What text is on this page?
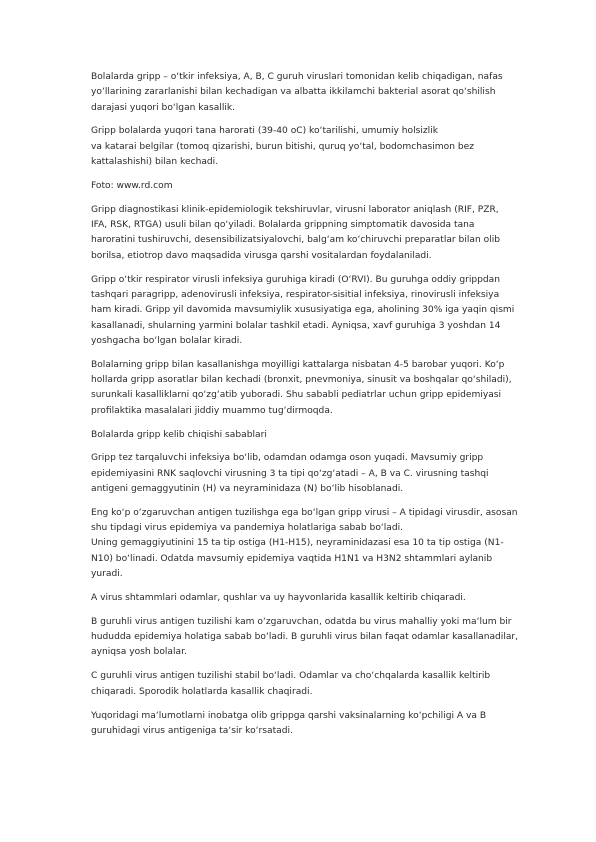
Bolalarda gripp – o‘tkir infeksiya, A, B, C guruh viruslari tomonidan kelib chiqadigan, nafas
yo‘llarining zararlanishi bilan kechadigan va albatta ikkilamchi bakterial asorat qo‘shilish
darajasi yuqori bo‘lgan kasallik.
Gripp bolalarda yuqori tana harorati (39-40 oC) ko‘tarilishi, umumiy holsizlik
va katarai belgilar (tomoq qizarishi, burun bitishi, quruq yo‘tal, bodomchasimon bez
kattalashishi) bilan kechadi.
Foto: www.rd.com
Gripp diagnostikasi klinik-epidemiologik tekshiruvlar, virusni laborator aniqlash (RIF, PZR,
IFA, RSK, RTGA) usuli bilan qo‘yiladi. Bolalarda grippning simptomatik davosida tana
haroratini tushiruvchi, desensibilizatsiyalovchi, balg‘am ko‘chiruvchi preparatlar bilan olib
borilsa, etiotrop davo maqsadida virusga qarshi vositalardan foydalaniladi.
Gripp o‘tkir respirator virusli infeksiya guruhiga kiradi (O‘RVI). Bu guruhga oddiy grippdan
tashqari paragripp, adenovirusli infeksiya, respirator-sisitial infeksiya, rinovirusli infeksiya
ham kiradi. Gripp yil davomida mavsumiylik xususiyatiga ega, aholining 30% iga yaqin qismi
kasallanadi, shularning yarmini bolalar tashkil etadi. Ayniqsa, xavf guruhiga 3 yoshdan 14
yoshgacha bo‘lgan bolalar kiradi.
Bolalarning gripp bilan kasallanishga moyilligi kattalarga nisbatan 4-5 barobar yuqori. Ko‘p
hollarda gripp asoratlar bilan kechadi (bronxit, pnevmoniya, sinusit va boshqalar qo‘shiladi),
surunkali kasalliklarni qo‘zg‘atib yuboradi. Shu sababli pediatrlar uchun gripp epidemiyasi
profilaktika masalalari jiddiy muammo tug‘dirmoqda.
Bolalarda gripp kelib chiqishi sabablari
Gripp tez tarqaluvchi infeksiya bo‘lib, odamdan odamga oson yuqadi. Mavsumiy gripp
epidemiyasini RNK saqlovchi virusning 3 ta tipi qo‘zg‘atadi – A, B va C. virusning tashqi
antigeni gemaggyutinin (H) va neyraminidaza (N) bo‘lib hisoblanadi.
Eng ko‘p o‘zgaruvchan antigen tuzilishga ega bo‘lgan gripp virusi – A tipidagi virusdir, asosan
shu tipdagi virus epidemiya va pandemiya holatlariga sabab bo‘ladi.
Uning gemaggiyutinini 15 ta tip ostiga (H1-H15), neyraminidazasi esa 10 ta tip ostiga (N1-
N10) bo‘linadi. Odatda mavsumiy epidemiya vaqtida H1N1 va H3N2 shtammlari aylanib
yuradi.
A virus shtammlari odamlar, qushlar va uy hayvonlarida kasallik keltirib chiqaradi.
B guruhli virus antigen tuzilishi kam o‘zgaruvchan, odatda bu virus mahalliy yoki ma‘lum bir
hududda epidemiya holatiga sabab bo‘ladi. B guruhli virus bilan faqat odamlar kasallanadilar,
ayniqsa yosh bolalar.
C guruhli virus antigen tuzilishi stabil bo‘ladi. Odamlar va cho‘chqalarda kasallik keltirib
chiqaradi. Sporodik holatlarda kasallik chaqiradi.
Yuqoridagi ma‘lumotlarni inobatga olib grippga qarshi vaksinalarning ko‘pchiligi A va B
guruhidagi virus antigeniga ta‘sir ko‘rsatadi.
